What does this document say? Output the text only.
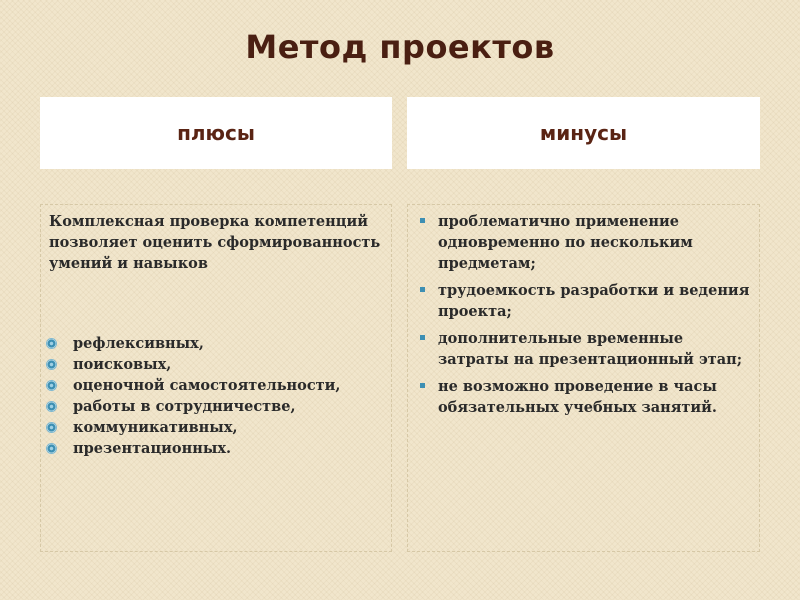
Метод проектов
плюсы	минусы
Комплексная проверка компетенций позволяет оценить сформированность умений и навыков
рефлексивных,
поисковых,
оценочной самостоятельности,
работы в сотрудничестве,
коммуникативных,
презентационных.
проблематично применение одновременно по нескольким предметам;
трудоемкость разработки и ведения проекта;
дополнительные временные затраты на презентационный этап;
не возможно проведение в часы обязательных учебных занятий.
